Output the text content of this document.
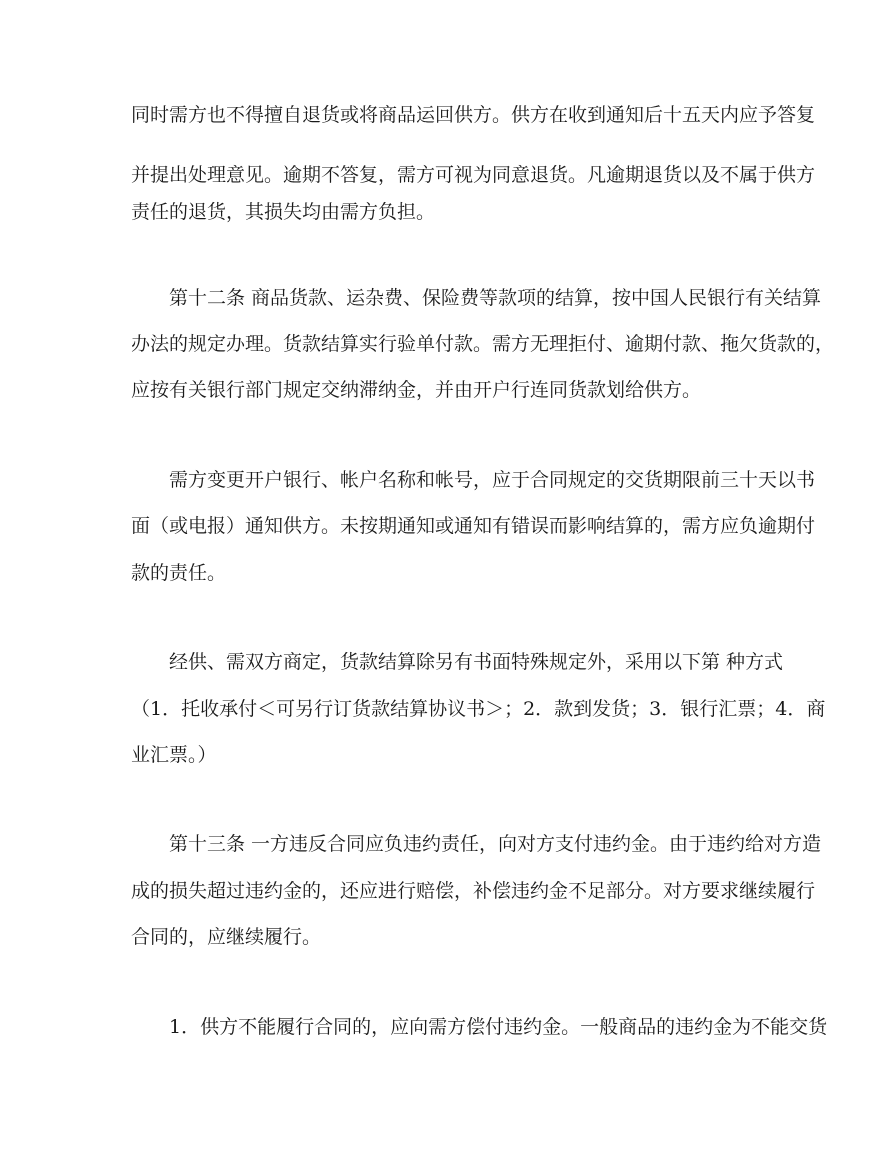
同时需方也不得擅自退货或将商品运回供方。供方在收到通知后十五天内应予答复
并提出处理意见。逾期不答复，需方可视为同意退货。凡逾期退货以及不属于供方
责任的退货，其损失均由需方负担。
　　第十二条 商品货款、运杂费、保险费等款项的结算，按中国人民银行有关结算
办法的规定办理。货款结算实行验单付款。需方无理拒付、逾期付款、拖欠货款的，
应按有关银行部门规定交纳滞纳金，并由开户行连同货款划给供方。
　　需方变更开户银行、帐户名称和帐号，应于合同规定的交货期限前三十天以书
面（或电报）通知供方。未按期通知或通知有错误而影响结算的，需方应负逾期付
款的责任。
　　经供、需双方商定，货款结算除另有书面特殊规定外，采用以下第 种方式
（1．托收承付＜可另行订货款结算协议书＞；2．款到发货；3．银行汇票；4．商
业汇票。）
　　第十三条 一方违反合同应负违约责任，向对方支付违约金。由于违约给对方造
成的损失超过违约金的，还应进行赔偿，补偿违约金不足部分。对方要求继续履行
合同的，应继续履行。
　　1．供方不能履行合同的，应向需方偿付违约金。一般商品的违约金为不能交货
